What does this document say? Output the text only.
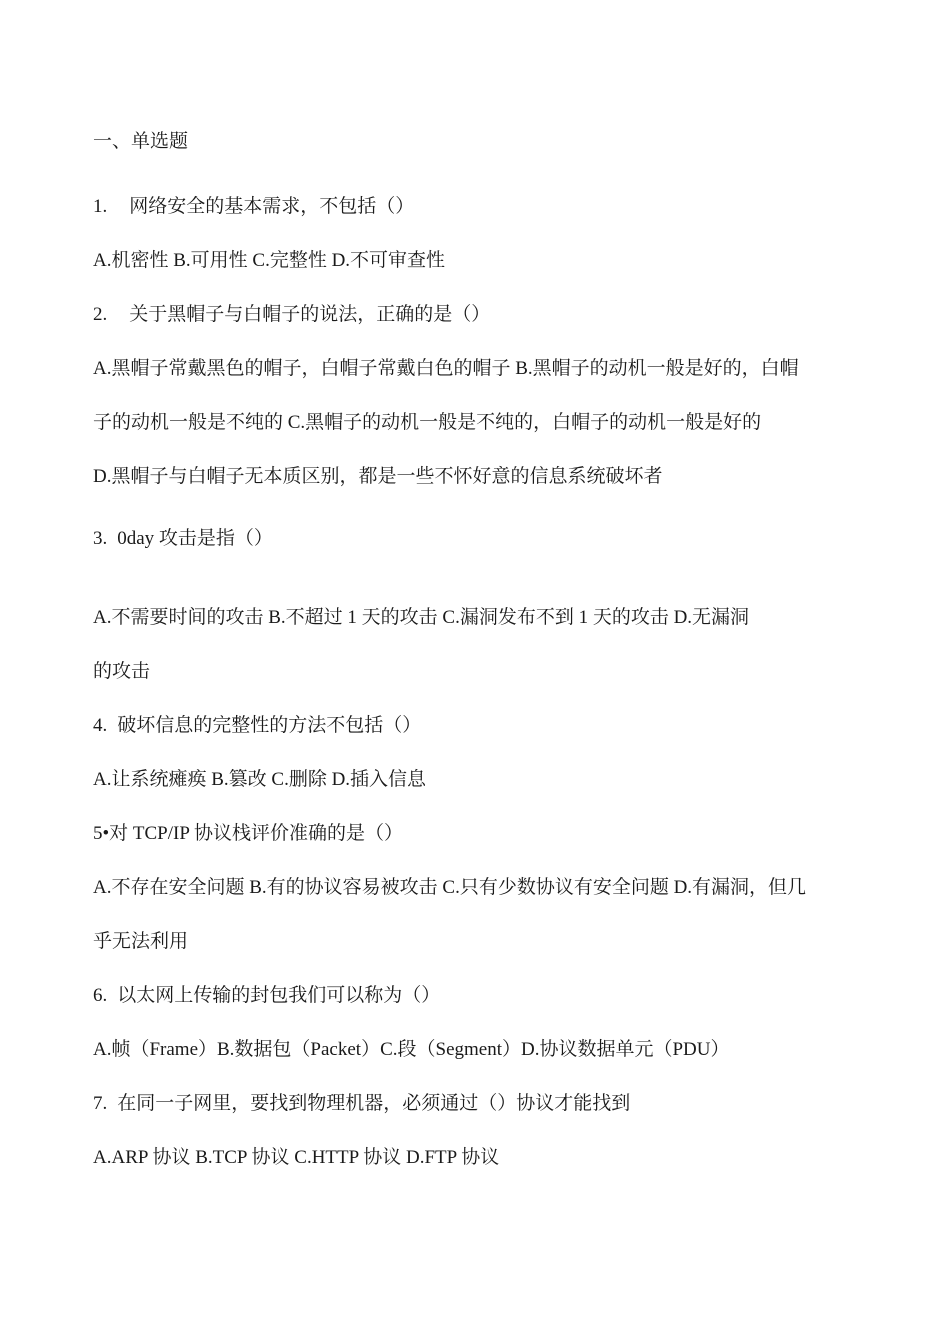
一、单选题
1. 网络安全的基本需求，不包括（）
A.机密性 B.可用性 C.完整性 D.不可审查性
2. 关于黑帽子与白帽子的说法，正确的是（）
A.黑帽子常戴黑色的帽子，白帽子常戴白色的帽子 B.黑帽子的动机一般是好的，白帽
子的动机一般是不纯的 C.黑帽子的动机一般是不纯的，白帽子的动机一般是好的
D.黑帽子与白帽子无本质区别，都是一些不怀好意的信息系统破坏者
3. 0day 攻击是指（）
A.不需要时间的攻击 B.不超过 1 天的攻击 C.漏洞发布不到 1 天的攻击 D.无漏洞
的攻击
4. 破坏信息的完整性的方法不包括（）
A.让系统瘫痪 B.篡改 C.删除 D.插入信息
5•对 TCP/IP 协议栈评价准确的是（）
A.不存在安全问题 B.有的协议容易被攻击 C.只有少数协议有安全问题 D.有漏洞，但几
乎无法利用
6. 以太网上传输的封包我们可以称为（）
A.帧（Frame）B.数据包（Packet）C.段（Segment）D.协议数据单元（PDU）
7. 在同一子网里，要找到物理机器，必须通过（）协议才能找到
A.ARP 协议 B.TCP 协议 C.HTTP 协议 D.FTP 协议
